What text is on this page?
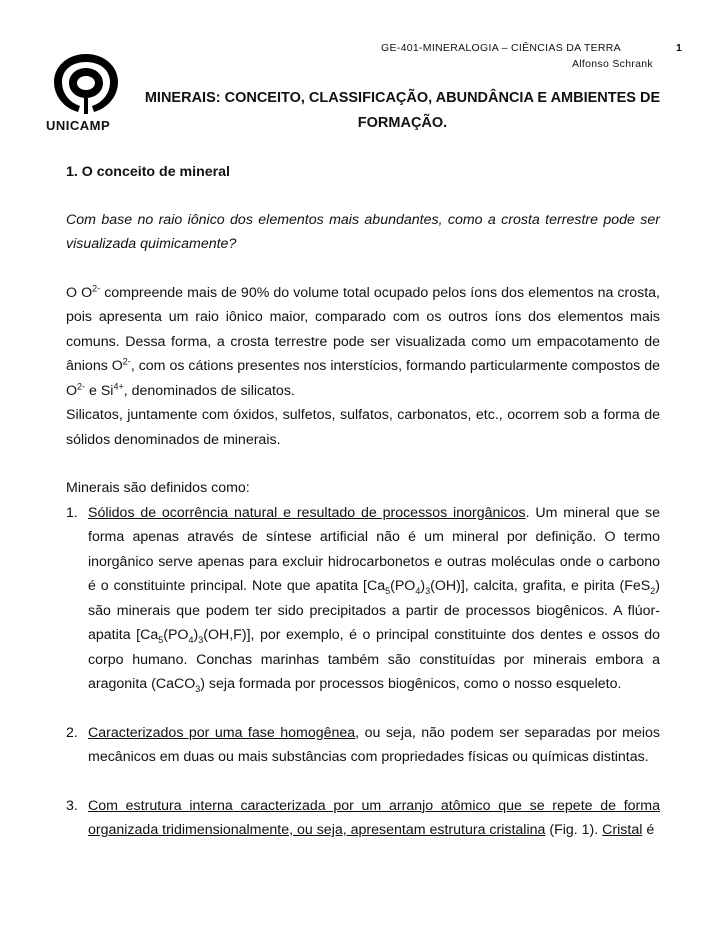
GE-401-MINERALOGIA – CIÊNCIAS DA TERRA	1
Alfonso Schrank
UNICAMP
MINERAIS: CONCEITO, CLASSIFICAÇÃO, ABUNDÂNCIA E AMBIENTES DE
FORMAÇÃO.
1. O conceito de mineral
Com base no raio iônico dos elementos mais abundantes, como a crosta terrestre pode ser visualizada quimicamente?
O $O^{2-}$ compreende mais de 90% do volume total ocupado pelos íons dos elementos na crosta, pois apresenta um raio iônico maior, comparado com os outros íons dos elementos mais comuns. Dessa forma, a crosta terrestre pode ser visualizada como um empacotamento de ânions $O^{2-}$, com os cátions presentes nos interstícios, formando particularmente compostos de $O^{2-}$ e $Si^{4+}$, denominados de silicatos.
Silicatos, juntamente com óxidos, sulfetos, sulfatos, carbonatos, etc., ocorrem sob a forma de sólidos denominados de minerais.
Minerais são definidos como:
1. Sólidos de ocorrência natural e resultado de processos inorgânicos. Um mineral que se forma apenas através de síntese artificial não é um mineral por definição. O termo inorgânico serve apenas para excluir hidrocarbonetos e outras moléculas onde o carbono é o constituinte principal. Note que apatita $[Ca_5(PO_4)_3(OH)]$, calcita, grafita, e pirita (FeS$_2$) são minerais que podem ter sido precipitados a partir de processos biogênicos. A flúor-apatita $[Ca_5(PO_4)_3(OH,F)]$, por exemplo, é o principal constituinte dos dentes e ossos do corpo humano. Conchas marinhas também são constituídas por minerais embora a aragonita (CaCO$_3$) seja formada por processos biogênicos, como o nosso esqueleto.
2. Caracterizados por uma fase homogênea, ou seja, não podem ser separadas por meios mecânicos em duas ou mais substâncias com propriedades físicas ou químicas distintas.
3. Com estrutura interna caracterizada por um arranjo atômico que se repete de forma organizada tridimensionalmente, ou seja, apresentam estrutura cristalina (Fig. 1). Cristal é
